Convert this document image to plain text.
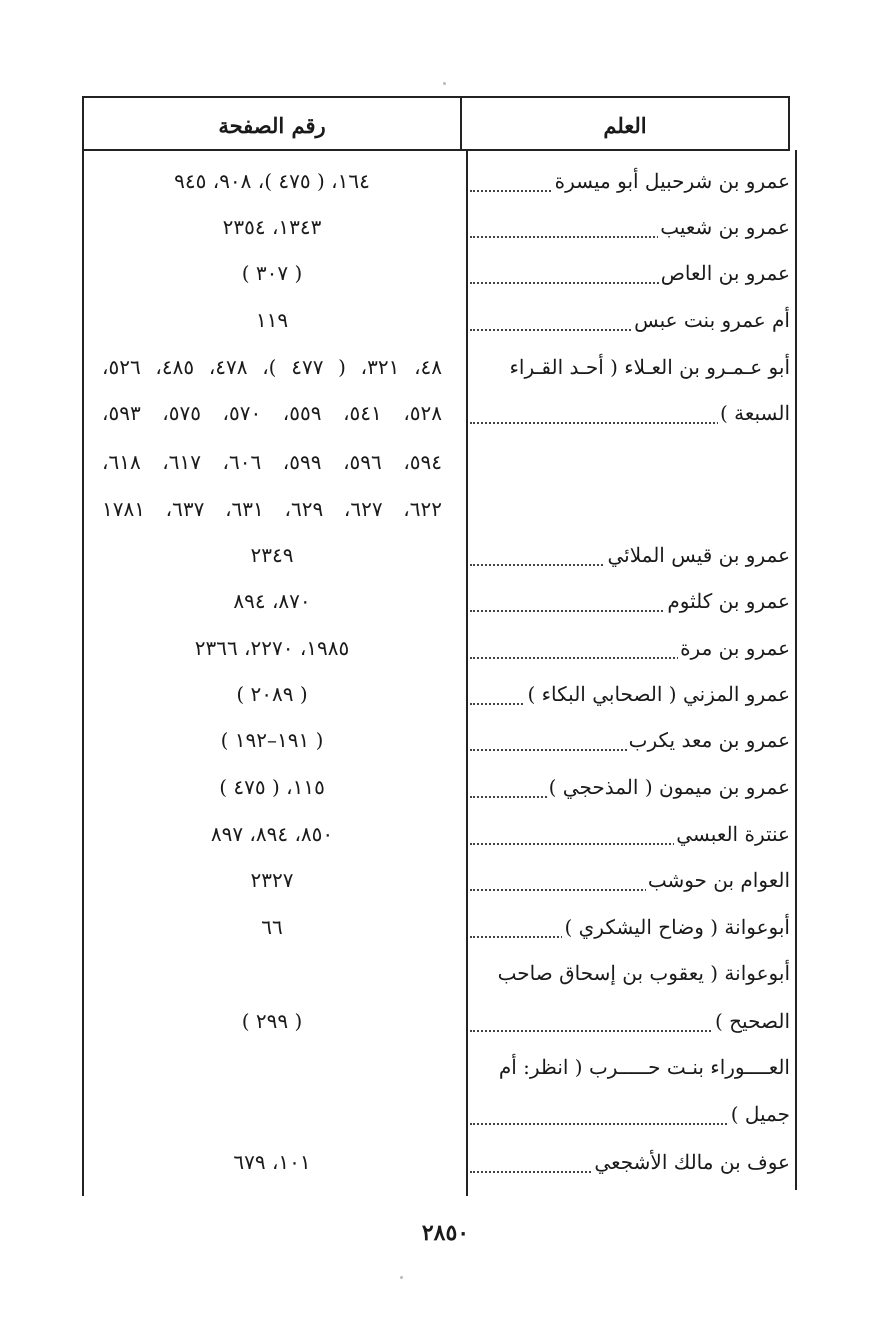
رقم الصفحة	العلم
عمرو بن شرحبيل أبو ميسرة
١٦٤، ( ٤٧٥ )، ٩٠٨، ٩٤٥
عمرو بن شعيب
١٣٤٣، ٢٣٥٤
عمرو بن العاص
( ٣٠٧ )
أم عمرو بنت عبس
١١٩
أبو عـمـرو بن العـلاء ( أحـد القـراء
٤٨، ٣٢١، ( ٤٧٧ )، ٤٧٨، ٤٨٥، ٥٢٦،
السبعة )
٥٢٨، ٥٤١، ٥٥٩، ٥٧٠، ٥٧٥، ٥٩٣،
٥٩٤، ٥٩٦، ٥٩٩، ٦٠٦، ٦١٧، ٦١٨،
٦٢٢، ٦٢٧، ٦٢٩، ٦٣١، ٦٣٧، ١٧٨١
عمرو بن قيس الملائي
٢٣٤٩
عمرو بن كلثوم
٨٧٠، ٨٩٤
عمرو بن مرة
١٩٨٥، ٢٢٧٠، ٢٣٦٦
عمرو المزني ( الصحابي البكاء )
( ٢٠٨٩ )
عمرو بن معد يكرب
( ١٩١–١٩٢ )
عمرو بن ميمون ( المذحجي )
١١٥، ( ٤٧٥ )
عنترة العبسي
٨٥٠، ٨٩٤، ٨٩٧
العوام بن حوشب
٢٣٢٧
أبوعوانة ( وضاح اليشكري )
٦٦
أبوعوانة ( يعقوب بن إسحاق صاحب
الصحيح )
( ٢٩٩ )
العــــوراء بنـت حـــــرب ( انظر: أم
جميل )
عوف بن مالك الأشجعي
١٠١، ٦٧٩
٢٨٥٠
